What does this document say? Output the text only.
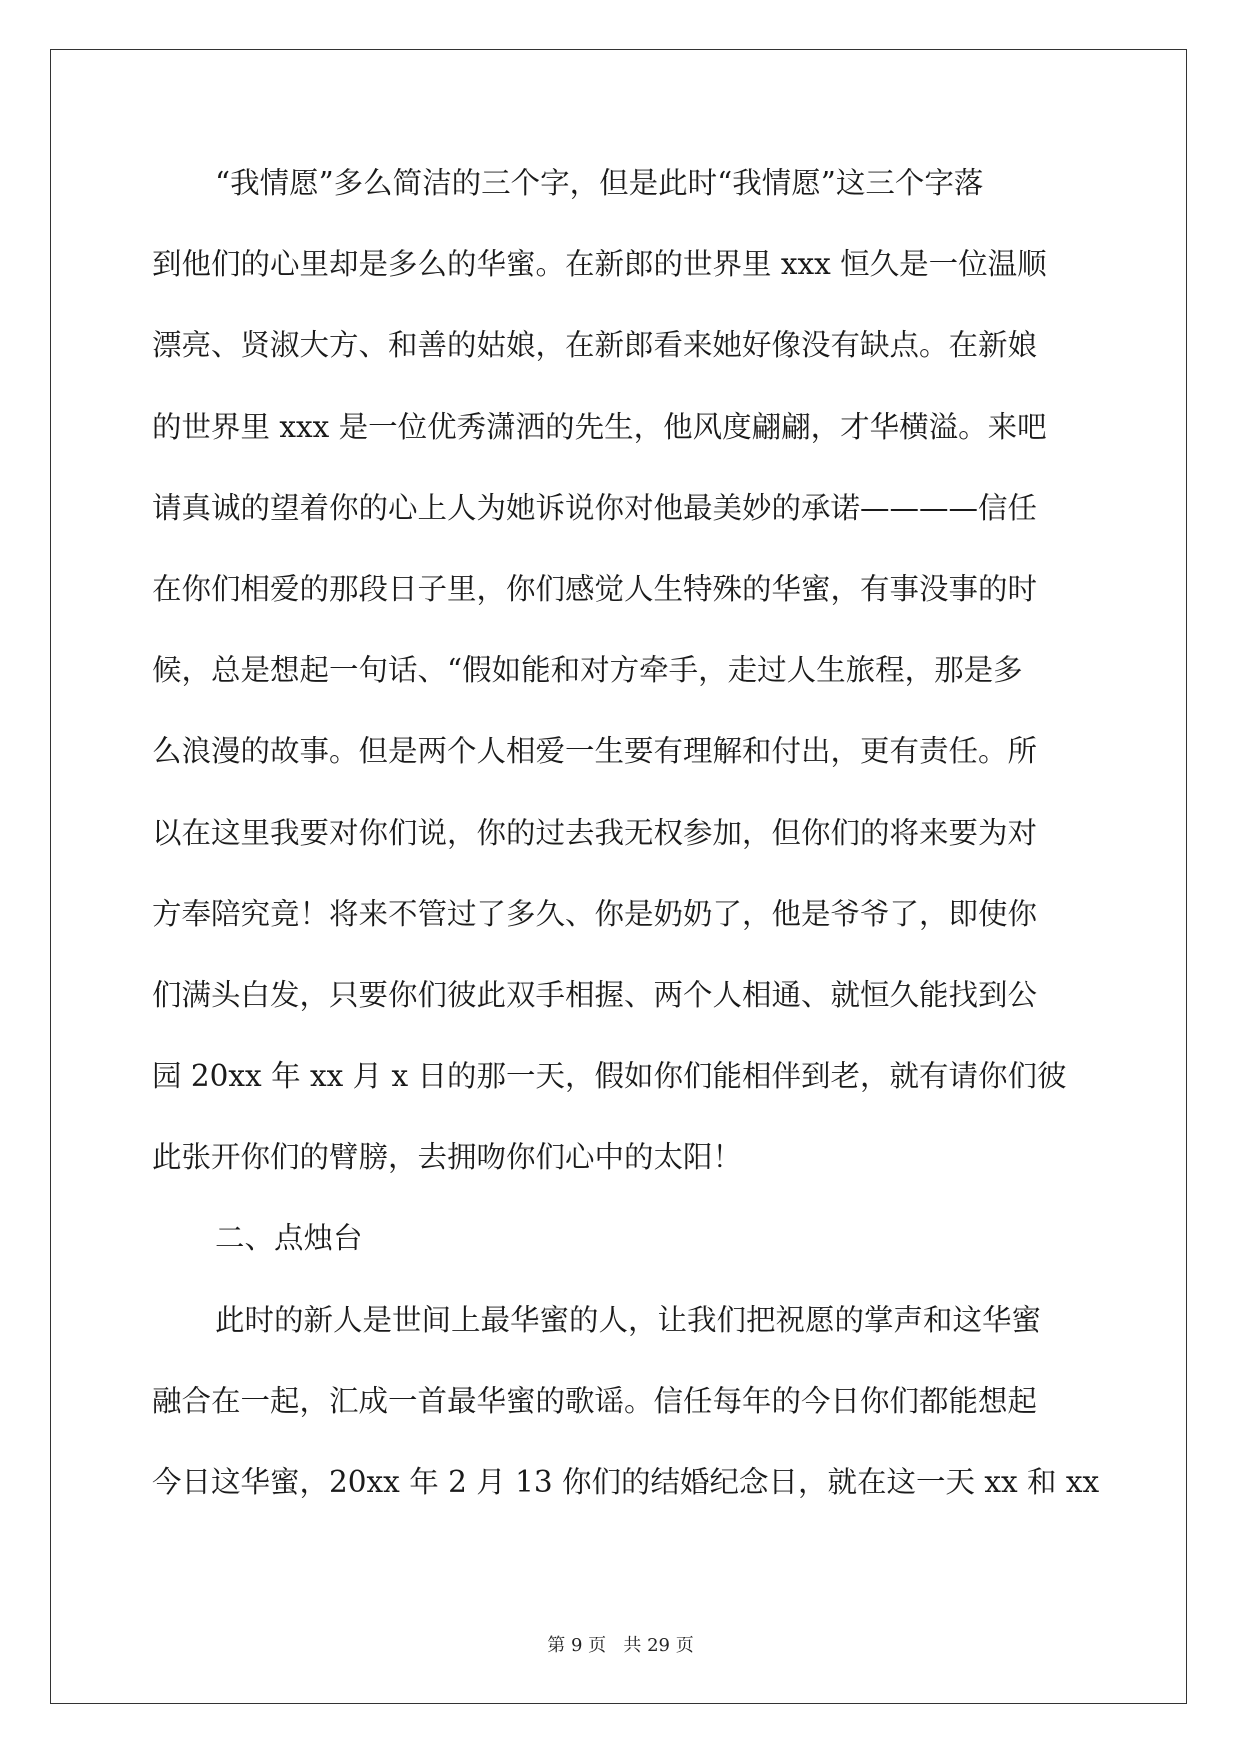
“我情愿”多么简洁的三个字，但是此时“我情愿”这三个字落
到他们的心里却是多么的华蜜。在新郎的世界里 xxx 恒久是一位温顺
漂亮、贤淑大方、和善的姑娘，在新郎看来她好像没有缺点。在新娘
的世界里 xxx 是一位优秀潇洒的先生，他风度翩翩，才华横溢。来吧
请真诚的望着你的心上人为她诉说你对他最美妙的承诺————信任
在你们相爱的那段日子里，你们感觉人生特殊的华蜜，有事没事的时
候，总是想起一句话、“假如能和对方牵手，走过人生旅程，那是多
么浪漫的故事。但是两个人相爱一生要有理解和付出，更有责任。所
以在这里我要对你们说，你的过去我无权参加，但你们的将来要为对
方奉陪究竟！将来不管过了多久、你是奶奶了，他是爷爷了，即使你
们满头白发，只要你们彼此双手相握、两个人相通、就恒久能找到公
园 20xx 年 xx 月 x 日的那一天，假如你们能相伴到老，就有请你们彼
此张开你们的臂膀，去拥吻你们心中的太阳！
二、点烛台
此时的新人是世间上最华蜜的人，让我们把祝愿的掌声和这华蜜
融合在一起，汇成一首最华蜜的歌谣。信任每年的今日你们都能想起
今日这华蜜，20xx 年 2 月 13 你们的结婚纪念日，就在这一天 xx 和 xx
第 9 页 共 29 页
